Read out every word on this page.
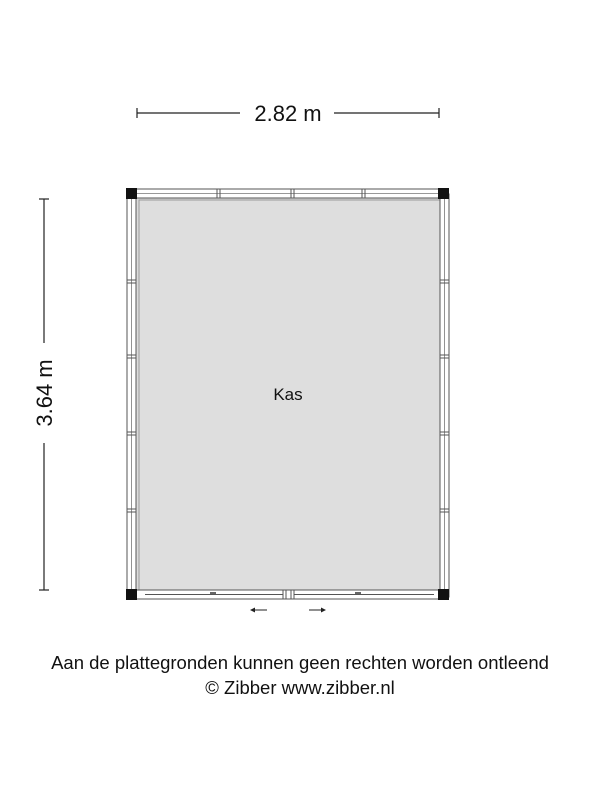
2.82 m
3.64 m	Kas
Aan de plattegronden kunnen geen rechten worden ontleend
© Zibber www.zibber.nl
